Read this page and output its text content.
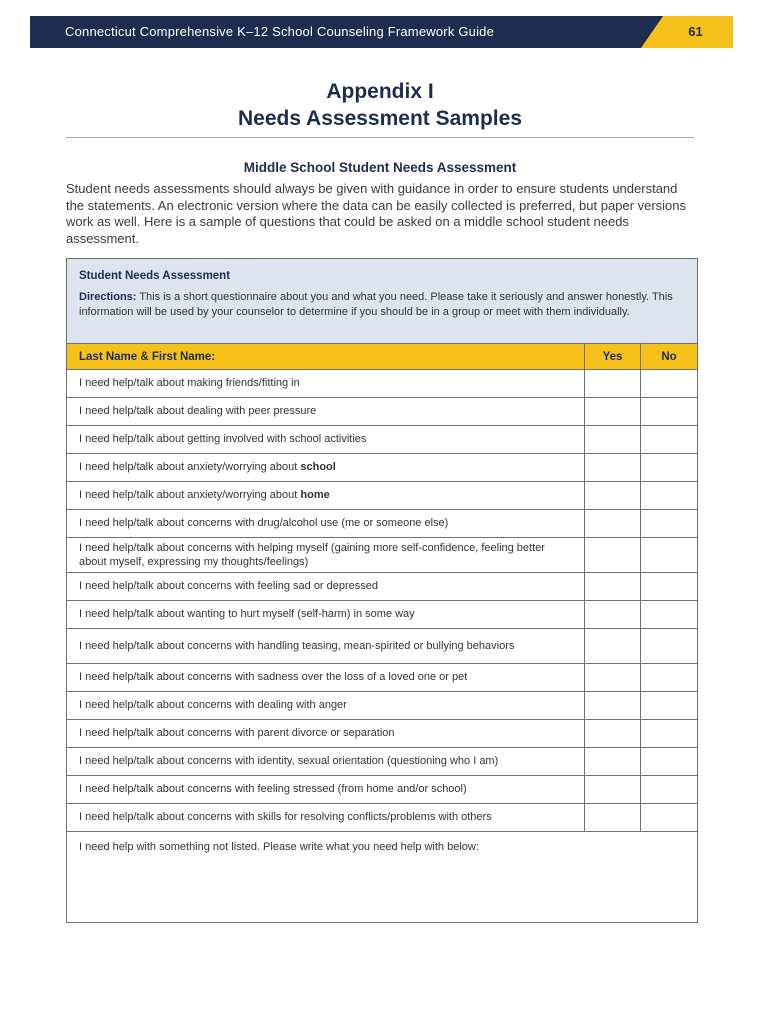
Connecticut Comprehensive K–12 School Counseling Framework Guide	61
Appendix I
Needs Assessment Samples
Middle School Student Needs Assessment

Student needs assessments should always be given with guidance in order to ensure students understand the statements. An electronic version where the data can be easily collected is preferred, but paper versions work as well. Here is a sample of questions that could be asked on a middle school student needs assessment.

Student Needs Assessment
Directions: This is a short questionnaire about you and what you need. Please take it seriously and answer honestly. This information will be used by your counselor to determine if you should be in a group or meet with them individually.		

Last Name & First Name:	Yes	No
I need help/talk about making friends/fitting in		
I need help/talk about dealing with peer pressure		
I need help/talk about getting involved with school activities		
I need help/talk about anxiety/worrying about school		
I need help/talk about anxiety/worrying about home		
I need help/talk about concerns with drug/alcohol use (me or someone else)		
I need help/talk about concerns with helping myself (gaining more self-confidence, feeling better about myself, expressing my thoughts/feelings)		
I need help/talk about concerns with feeling sad or depressed		
I need help/talk about wanting to hurt myself (self-harm) in some way		
I need help/talk about concerns with handling teasing, mean-spirited or bullying behaviors		
I need help/talk about concerns with sadness over the loss of a loved one or pet		
I need help/talk about concerns with dealing with anger		
I need help/talk about concerns with parent divorce or separation		
I need help/talk about concerns with identity, sexual orientation (questioning who I am)		
I need help/talk about concerns with feeling stressed (from home and/or school)		
I need help/talk about concerns with skills for resolving conflicts/problems with others		
I need help with something not listed. Please write what you need help with below:		
